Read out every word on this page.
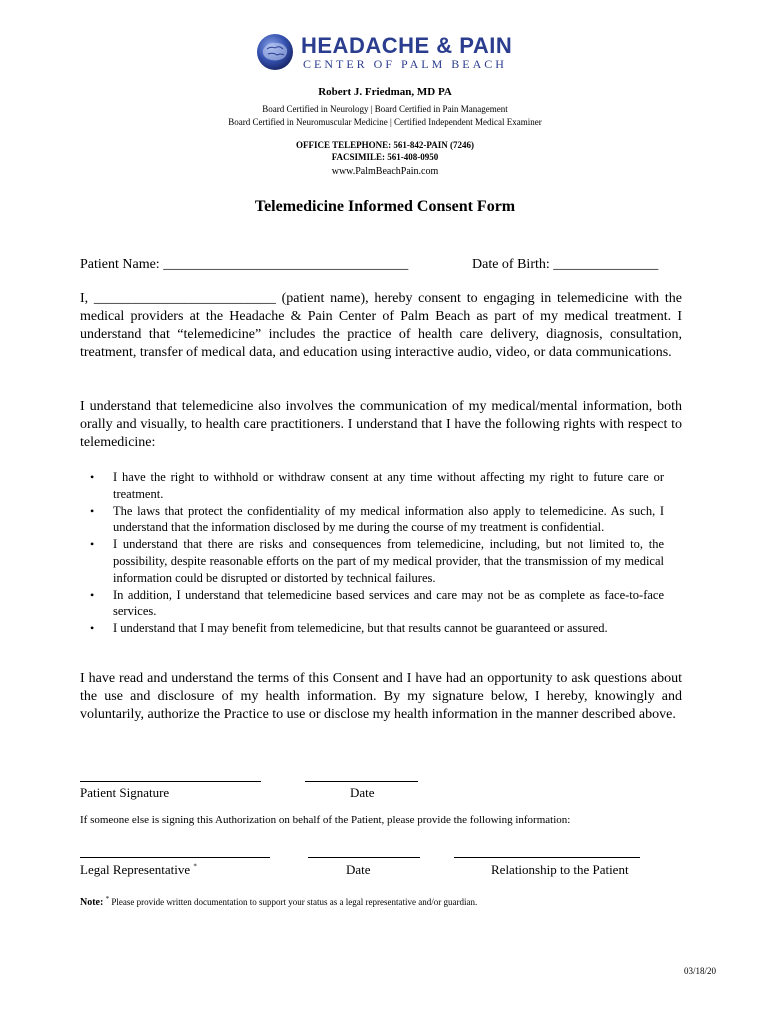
HEADACHE & PAIN
CENTER OF PALM BEACH
Robert J. Friedman, MD PA
Board Certified in Neurology | Board Certified in Pain Management
Board Certified in Neuromuscular Medicine | Certified Independent Medical Examiner
OFFICE TELEPHONE: 561-842-PAIN (7246)
FACSIMILE: 561-408-0950
www.PalmBeachPain.com
Telemedicine Informed Consent Form
Patient Name: ___________________________________	Date of Birth: _______________
I, __________________________ (patient name), hereby consent to engaging in telemedicine with the medical providers at the Headache & Pain Center of Palm Beach as part of my medical treatment. I understand that “telemedicine” includes the practice of health care delivery, diagnosis, consultation, treatment, transfer of medical data, and education using interactive audio, video, or data communications.
I understand that telemedicine also involves the communication of my medical/mental information, both orally and visually, to health care practitioners. I understand that I have the following rights with respect to telemedicine:
• I have the right to withhold or withdraw consent at any time without affecting my right to future care or treatment.
• The laws that protect the confidentiality of my medical information also apply to telemedicine. As such, I understand that the information disclosed by me during the course of my treatment is confidential.
• I understand that there are risks and consequences from telemedicine, including, but not limited to, the possibility, despite reasonable efforts on the part of my medical provider, that the transmission of my medical information could be disrupted or distorted by technical failures.
• In addition, I understand that telemedicine based services and care may not be as complete as face-to-face services.
• I understand that I may benefit from telemedicine, but that results cannot be guaranteed or assured.
I have read and understand the terms of this Consent and I have had an opportunity to ask questions about the use and disclosure of my health information. By my signature below, I hereby, knowingly and voluntarily, authorize the Practice to use or disclose my health information in the manner described above.
Patient Signature	Date
If someone else is signing this Authorization on behalf of the Patient, please provide the following information:
Legal Representative *	Date	Relationship to the Patient
Note: * Please provide written documentation to support your status as a legal representative and/or guardian.
03/18/20
